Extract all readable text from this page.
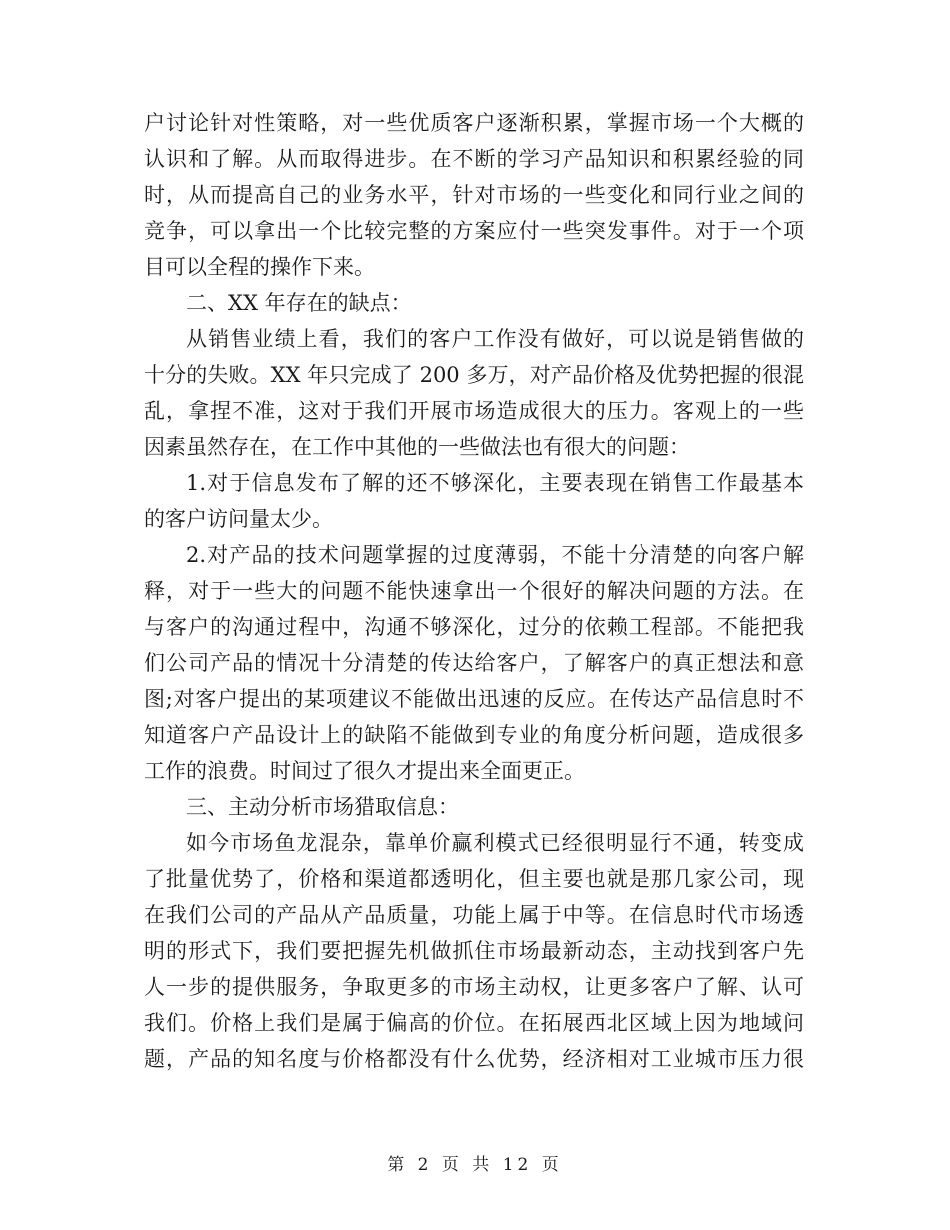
户讨论针对性策略，对一些优质客户逐渐积累，掌握市场一个大概的
认识和了解。从而取得进步。在不断的学习产品知识和积累经验的同
时，从而提高自己的业务水平，针对市场的一些变化和同行业之间的
竞争，可以拿出一个比较完整的方案应付一些突发事件。对于一个项
目可以全程的操作下来。
二、XX 年存在的缺点：
从销售业绩上看，我们的客户工作没有做好，可以说是销售做的
十分的失败。XX 年只完成了 200 多万，对产品价格及优势把握的很混
乱，拿捏不准，这对于我们开展市场造成很大的压力。客观上的一些
因素虽然存在，在工作中其他的一些做法也有很大的问题：
1.对于信息发布了解的还不够深化，主要表现在销售工作最基本
的客户访问量太少。
2.对产品的技术问题掌握的过度薄弱，不能十分清楚的向客户解
释，对于一些大的问题不能快速拿出一个很好的解决问题的方法。在
与客户的沟通过程中，沟通不够深化，过分的依赖工程部。不能把我
们公司产品的情况十分清楚的传达给客户，了解客户的真正想法和意
图;对客户提出的某项建议不能做出迅速的反应。在传达产品信息时不
知道客户产品设计上的缺陷不能做到专业的角度分析问题，造成很多
工作的浪费。时间过了很久才提出来全面更正。
三、主动分析市场猎取信息：
如今市场鱼龙混杂，靠单价赢利模式已经很明显行不通，转变成
了批量优势了，价格和渠道都透明化，但主要也就是那几家公司，现
在我们公司的产品从产品质量，功能上属于中等。在信息时代市场透
明的形式下，我们要把握先机做抓住市场最新动态，主动找到客户先
人一步的提供服务，争取更多的市场主动权，让更多客户了解、认可
我们。价格上我们是属于偏高的价位。在拓展西北区域上因为地域问
题，产品的知名度与价格都没有什么优势，经济相对工业城市压力很
第 2 页 共 12 页
